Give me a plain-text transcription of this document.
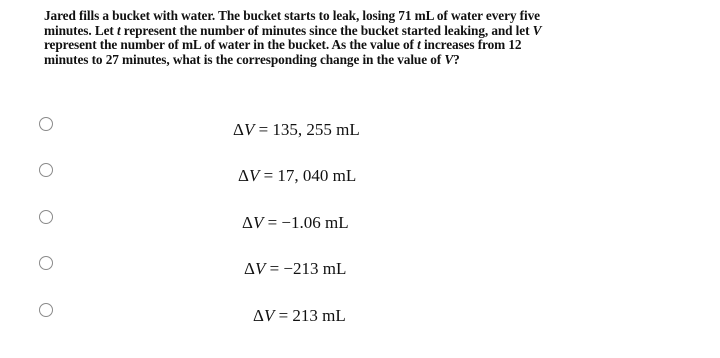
Jared fills a bucket with water. The bucket starts to leak, losing 71 mL of water every five

minutes. Let t represent the number of minutes since the bucket started leaking, and let V

represent the number of mL of water in the bucket. As the value of t increases from 12

minutes to 27 minutes, what is the corresponding change in the value of V?

ΔV = 135, 255 mL
ΔV = 17, 040 mL
ΔV = −1.06 mL
ΔV = −213 mL
ΔV = 213 mL
